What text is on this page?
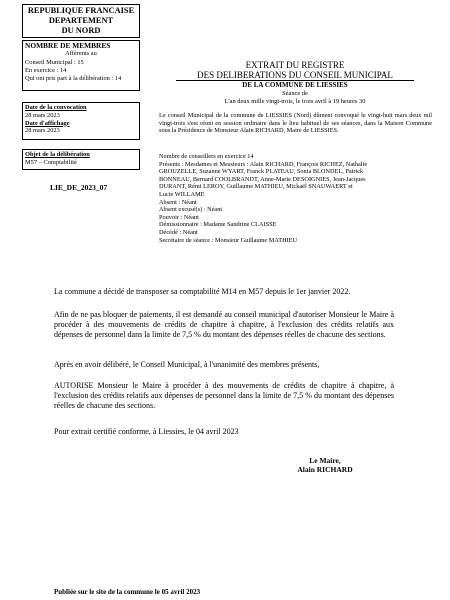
REPUBLIQUE FRANCAISE
DEPARTEMENT
DU NORD
NOMBRE DE MEMBRES
Afférents au
Conseil Municipal : 15
En exercice : 14
Qui ont pris part à la délibération : 14
Date de la convocation
28 mars 2023
Date d'affichage
28 mars 2023
Objet de la délibération
M57 – Comptabilité
LIE_DE_2023_07
EXTRAIT DU REGISTRE
DES DELIBERATIONS DU CONSEIL MUNICIPAL
DE LA COMMUNE DE LIESSIES
Séance de
L'an deux mille vingt-trois, le trois avril à 19 heures 30
Le conseil Municipal de la commune de LIESSIES (Nord) dûment convoqué le vingt-huit mars deux mil vingt-trois s'est réuni en session ordinaire dans le lieu habituel de ses séances, dans la Maison Commune sous la Présidence de Monsieur Alain RICHARD, Maire de LIESSIES.
Nombre de conseillers en exercice 14
Présents : Mesdames et Messieurs : Alain RICHARD, François RICHEZ, Nathalie
GROUZELLE, Suzanne WYART, Franck PLATEAU, Sonia BLONDEL, Patrick
BONNEAU, Bernard COOLBRANDT, Anne-Marie DESOIGNIES, Jean-Jacques
DURANT, Rémi LEROY, Guillaume MATHIEU, Mickaël SNAUWAERT et
Lucie WILLAME
Absent : Néant
Absent excusé(s) : Néant
Pouvoir : Néant
Démissionnaire : Madame Sandrine CLAISSE
Décédé : Néant
Secrétaire de séance : Monsieur Guillaume MATHIEU
La commune a décidé de transposer sa comptabilité M14 en M57 depuis le 1er janvier 2022.
Afin de ne pas bloquer de paiements, il est demandé au conseil municipal d'autoriser Monsieur le Maire à procéder à des mouvements de crédits de chapitre à chapitre, à l'exclusion des crédits relatifs aux dépenses de personnel dans la limite de 7,5 % du montant des dépenses réelles de chacune des sections.
Après en avoir délibéré, le Conseil Municipal, à l'unanimité des membres présents,
AUTORISE Monsieur le Maire à procéder à des mouvements de crédits de chapitre à chapitre, à l'exclusion des crédits relatifs aux dépenses de personnel dans la limite de 7,5 % du montant des dépenses réelles de chacune des sections.
Pour extrait certifié conforme, à Liessies, le 04 avril 2023
Le Maire,
Alain RICHARD
Publiée sur le site de la commune le 05 avril 2023
